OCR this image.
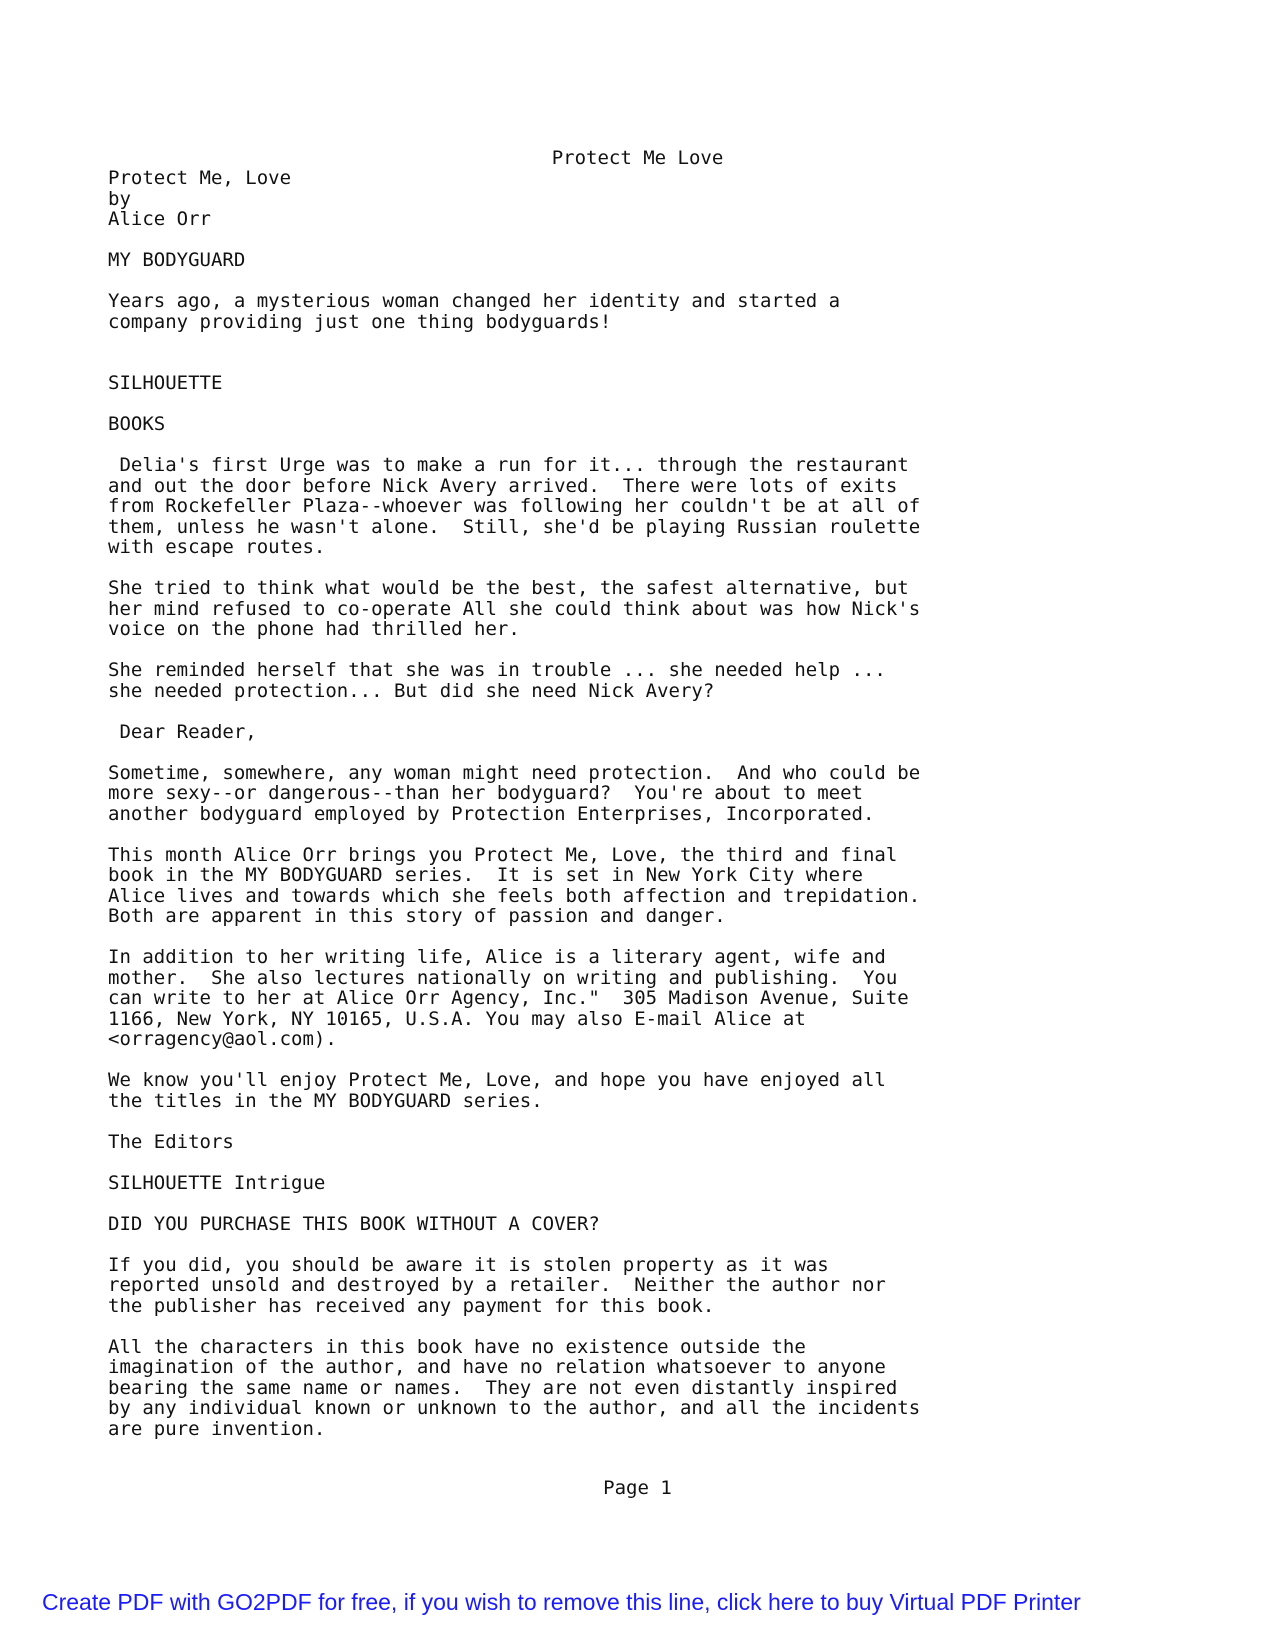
Protect Me Love

Protect Me, Love
by
Alice Orr

MY BODYGUARD

Years ago, a mysterious woman changed her identity and started a
company providing just one thing bodyguards!

SILHOUETTE

BOOKS

Delia's first Urge was to make a run for it... through the restaurant
and out the door before Nick Avery arrived.  There were lots of exits
from Rockefeller Plaza--whoever was following her couldn't be at all of
them, unless he wasn't alone.  Still, she'd be playing Russian roulette
with escape routes.

She tried to think what would be the best, the safest alternative, but
her mind refused to co-operate All she could think about was how Nick's
voice on the phone had thrilled her.

She reminded herself that she was in trouble ... she needed help ...
she needed protection... But did she need Nick Avery?

Dear Reader,

Sometime, somewhere, any woman might need protection.  And who could be
more sexy--or dangerous--than her bodyguard?  You're about to meet
another bodyguard employed by Protection Enterprises, Incorporated.

This month Alice Orr brings you Protect Me, Love, the third and final
book in the MY BODYGUARD series.  It is set in New York City where
Alice lives and towards which she feels both affection and trepidation.
Both are apparent in this story of passion and danger.

In addition to her writing life, Alice is a literary agent, wife and
mother.  She also lectures nationally on writing and publishing.  You
can write to her at Alice Orr Agency, Inc."  305 Madison Avenue, Suite
1166, New York, NY 10165, U.S.A. You may also E-mail Alice at
<orragency@aol.com).

We know you'll enjoy Protect Me, Love, and hope you have enjoyed all
the titles in the MY BODYGUARD series.

The Editors

SILHOUETTE Intrigue

DID YOU PURCHASE THIS BOOK WITHOUT A COVER?

If you did, you should be aware it is stolen property as it was
reported unsold and destroyed by a retailer.  Neither the author nor
the publisher has received any payment for this book.

All the characters in this book have no existence outside the
imagination of the author, and have no relation whatsoever to anyone
bearing the same name or names.  They are not even distantly inspired
by any individual known or unknown to the author, and all the incidents
are pure invention.

Page 1
Create PDF with GO2PDF for free, if you wish to remove this line, click here to buy Virtual PDF Printer
